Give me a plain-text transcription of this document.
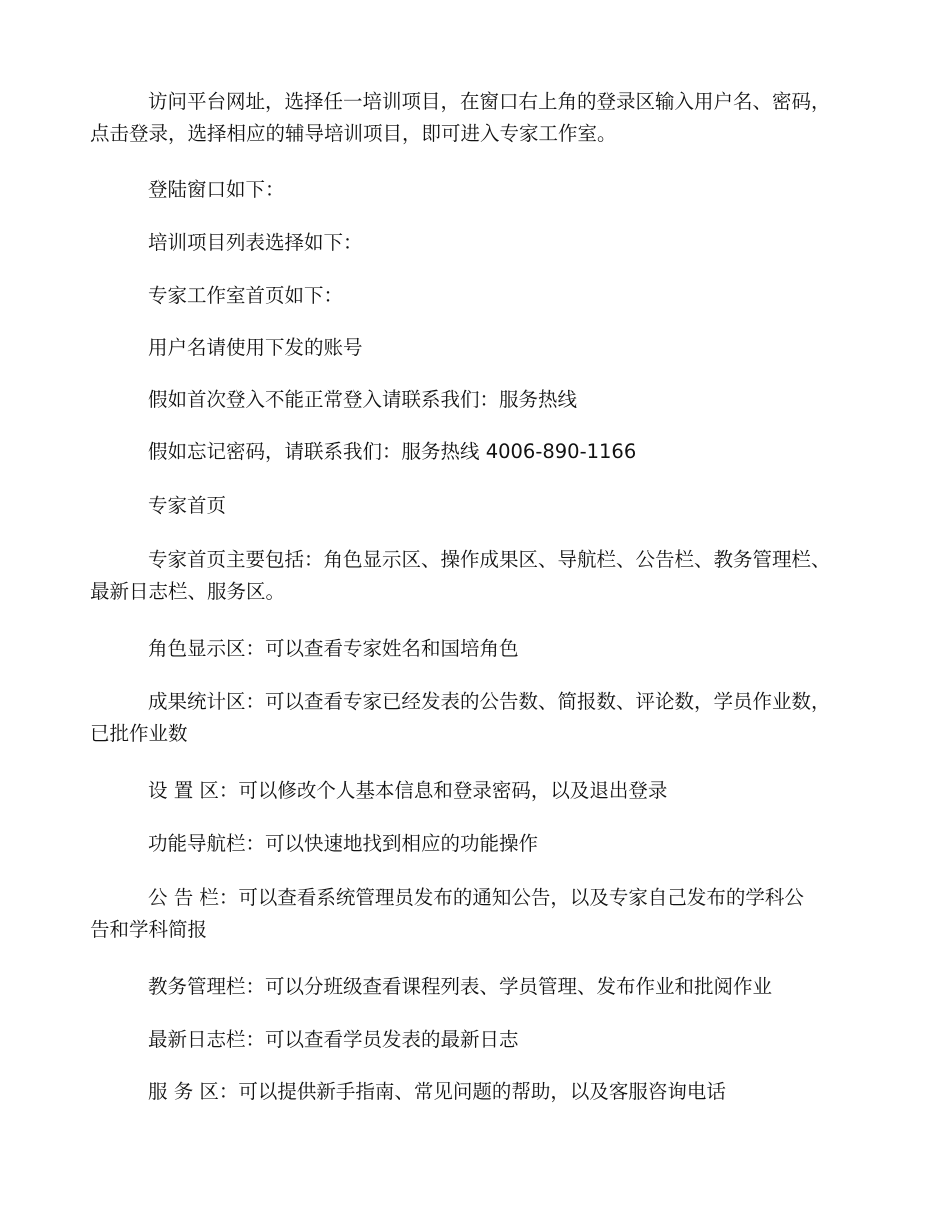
访问平台网址，选择任一培训项目，在窗口右上角的登录区输入用户名、密码，
点击登录，选择相应的辅导培训项目，即可进入专家工作室。

登陆窗口如下：

培训项目列表选择如下：

专家工作室首页如下：

用户名请使用下发的账号

假如首次登入不能正常登入请联系我们：服务热线

假如忘记密码，请联系我们：服务热线 4006-890-1166

专家首页

专家首页主要包括：角色显示区、操作成果区、导航栏、公告栏、教务管理栏、
最新日志栏、服务区。

角色显示区：可以查看专家姓名和国培角色

成果统计区：可以查看专家已经发表的公告数、简报数、评论数，学员作业数，
已批作业数

设 置 区：可以修改个人基本信息和登录密码，以及退出登录

功能导航栏：可以快速地找到相应的功能操作

公 告 栏：可以查看系统管理员发布的通知公告，以及专家自己发布的学科公
告和学科简报

教务管理栏：可以分班级查看课程列表、学员管理、发布作业和批阅作业

最新日志栏：可以查看学员发表的最新日志

服 务 区：可以提供新手指南、常见问题的帮助，以及客服咨询电话
